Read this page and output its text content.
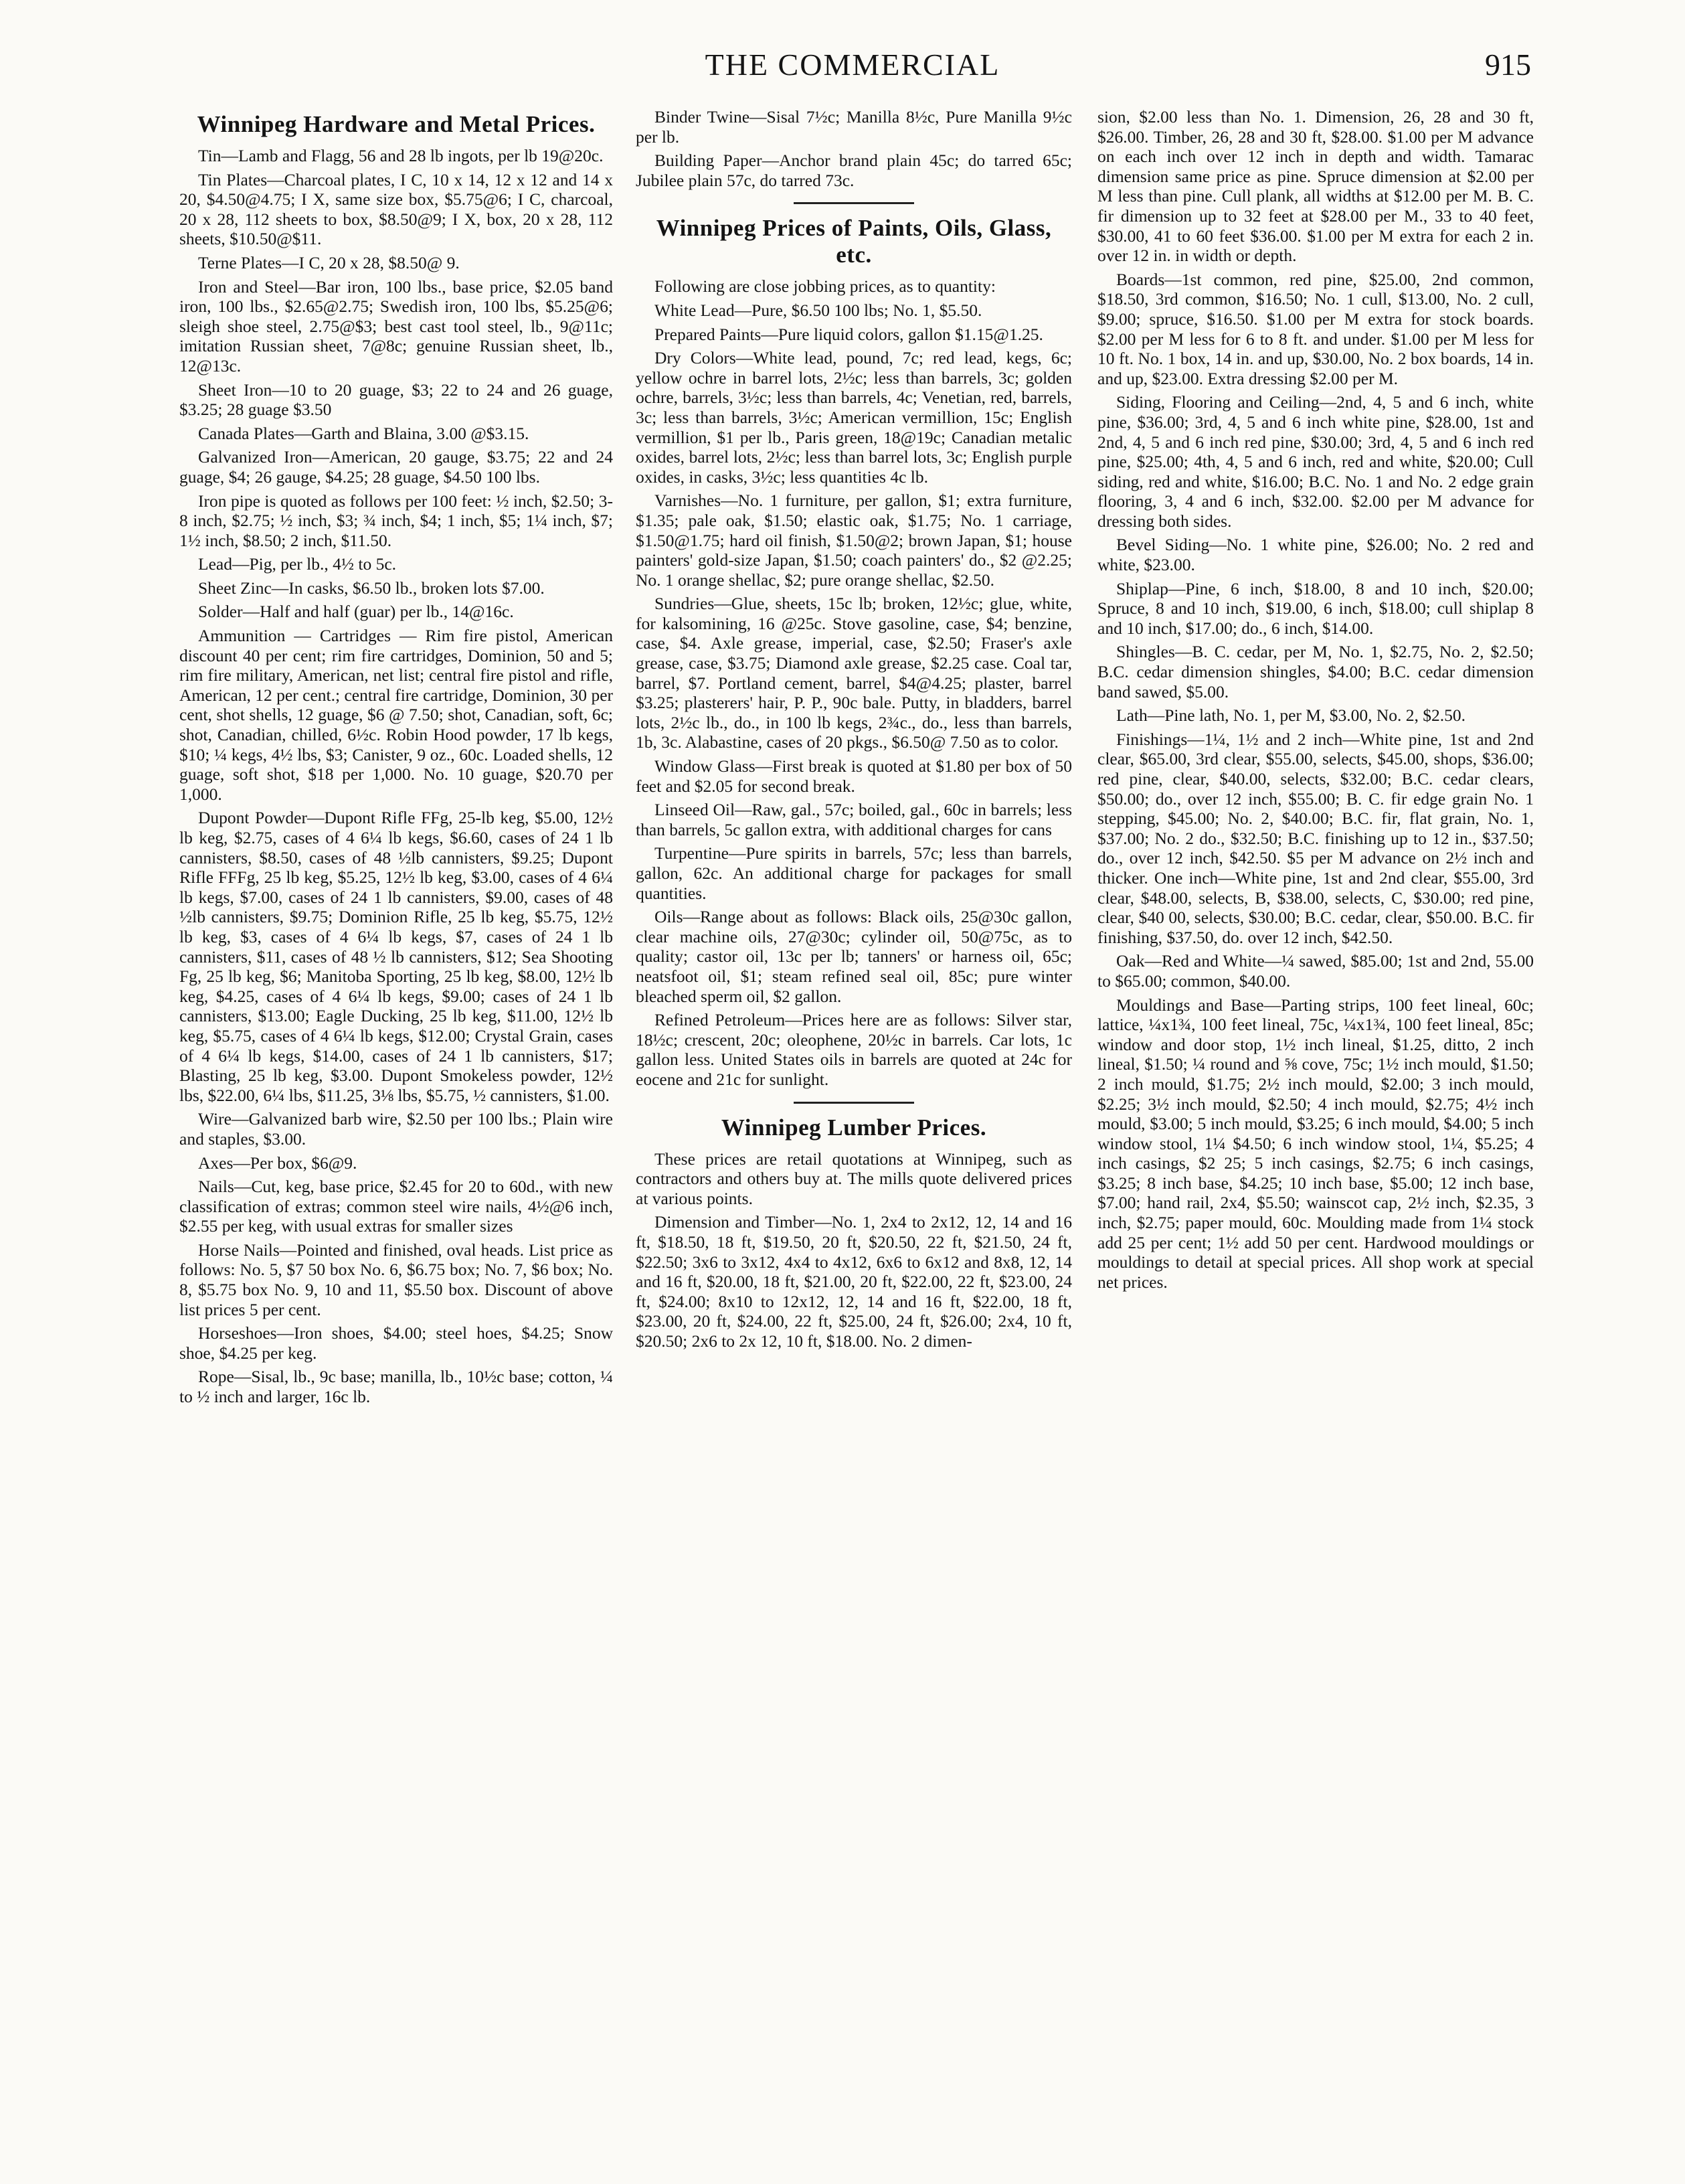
THE COMMERCIAL	915
Winnipeg Hardware and Metal Prices.

Tin—Lamb and Flagg, 56 and 28 lb ingots, per lb 19@20c.

Tin Plates—Charcoal plates, I C, 10 x 14, 12 x 12 and 14 x 20, $4.50@4.75; I X, same size box, $5.75@6; I C, charcoal, 20 x 28, 112 sheets to box, $8.50@9; I X, box, 20 x 28, 112 sheets, $10.50@$11.

Terne Plates—I C, 20 x 28, $8.50@ 9.

Iron and Steel—Bar iron, 100 lbs., base price, $2.05 band iron, 100 lbs., $2.65@2.75; Swedish iron, 100 lbs, $5.25@6; sleigh shoe steel, 2.75@$3; best cast tool steel, lb., 9@11c; imitation Russian sheet, 7@8c; genuine Russian sheet, lb., 12@13c.

Sheet Iron—10 to 20 guage, $3; 22 to 24 and 26 guage, $3.25; 28 guage $3.50

Canada Plates—Garth and Blaina, 3.00 @$3.15.

Galvanized Iron—American, 20 gauge, $3.75; 22 and 24 guage, $4; 26 gauge, $4.25; 28 guage, $4.50 100 lbs.

Iron pipe is quoted as follows per 100 feet: ½ inch, $2.50; 3-8 inch, $2.75; ½ inch, $3; ¾ inch, $4; 1 inch, $5; 1¼ inch, $7; 1½ inch, $8.50; 2 inch, $11.50.

Lead—Pig, per lb., 4½ to 5c.

Sheet Zinc—In casks, $6.50 lb., broken lots $7.00.

Solder—Half and half (guar) per lb., 14@16c.

Ammunition — Cartridges — Rim fire pistol, American discount 40 per cent; rim fire cartridges, Dominion, 50 and 5; rim fire military, American, net list; central fire pistol and rifle, American, 12 per cent.; central fire cartridge, Dominion, 30 per cent, shot shells, 12 guage, $6 @ 7.50; shot, Canadian, soft, 6c; shot, Canadian, chilled, 6½c. Robin Hood powder, 17 lb kegs, $10; ¼ kegs, 4½ lbs, $3; Canister, 9 oz., 60c. Loaded shells, 12 guage, soft shot, $18 per 1,000. No. 10 guage, $20.70 per 1,000.

Dupont Powder—Dupont Rifle FFg, 25-lb keg, $5.00, 12½ lb keg, $2.75, cases of 4 6¼ lb kegs, $6.60, cases of 24 1 lb cannisters, $8.50, cases of 48 ½lb cannisters, $9.25; Dupont Rifle FFFg, 25 lb keg, $5.25, 12½ lb keg, $3.00, cases of 4 6¼ lb kegs, $7.00, cases of 24 1 lb cannisters, $9.00, cases of 48 ½lb cannisters, $9.75; Dominion Rifle, 25 lb keg, $5.75, 12½ lb keg, $3, cases of 4 6¼ lb kegs, $7, cases of 24 1 lb cannisters, $11, cases of 48 ½ lb cannisters, $12; Sea Shooting Fg, 25 lb keg, $6; Manitoba Sporting, 25 lb keg, $8.00, 12½ lb keg, $4.25, cases of 4 6¼ lb kegs, $9.00; cases of 24 1 lb cannisters, $13.00; Eagle Ducking, 25 lb keg, $11.00, 12½ lb keg, $5.75, cases of 4 6¼ lb kegs, $12.00; Crystal Grain, cases of 4 6¼ lb kegs, $14.00, cases of 24 1 lb cannisters, $17; Blasting, 25 lb keg, $3.00. Dupont Smokeless powder, 12½ lbs, $22.00, 6¼ lbs, $11.25, 3⅛ lbs, $5.75, ½ cannisters, $1.00.

Wire—Galvanized barb wire, $2.50 per 100 lbs.; Plain wire and staples, $3.00.

Axes—Per box, $6@9.

Nails—Cut, keg, base price, $2.45 for 20 to 60d., with new classification of extras; common steel wire nails, 4½@6 inch, $2.55 per keg, with usual extras for smaller sizes

Horse Nails—Pointed and finished, oval heads. List price as follows: No. 5, $7 50 box No. 6, $6.75 box; No. 7, $6 box; No. 8, $5.75 box No. 9, 10 and 11, $5.50 box. Discount of above list prices 5 per cent.

Horseshoes—Iron shoes, $4.00; steel hoes, $4.25; Snow shoe, $4.25 per keg.

Rope—Sisal, lb., 9c base; manilla, lb., 10½c base; cotton, ¼ to ½ inch and larger, 16c lb.

Binder Twine—Sisal 7½c; Manilla 8½c, Pure Manilla 9½c per lb.

Building Paper—Anchor brand plain 45c; do tarred 65c; Jubilee plain 57c, do tarred 73c.

Winnipeg Prices of Paints, Oils, Glass, etc.

Following are close jobbing prices, as to quantity:

White Lead—Pure, $6.50 100 lbs; No. 1, $5.50.

Prepared Paints—Pure liquid colors, gallon $1.15@1.25.

Dry Colors—White lead, pound, 7c; red lead, kegs, 6c; yellow ochre in barrel lots, 2½c; less than barrels, 3c; golden ochre, barrels, 3½c; less than barrels, 4c; Venetian, red, barrels, 3c; less than barrels, 3½c; American vermillion, 15c; English vermillion, $1 per lb., Paris green, 18@19c; Canadian metalic oxides, barrel lots, 2½c; less than barrel lots, 3c; English purple oxides, in casks, 3½c; less quantities 4c lb.

Varnishes—No. 1 furniture, per gallon, $1; extra furniture, $1.35; pale oak, $1.50; elastic oak, $1.75; No. 1 carriage, $1.50@1.75; hard oil finish, $1.50@2; brown Japan, $1; house painters' gold-size Japan, $1.50; coach painters' do., $2 @2.25; No. 1 orange shellac, $2; pure orange shellac, $2.50.

Sundries—Glue, sheets, 15c lb; broken, 12½c; glue, white, for kalsomining, 16 @25c. Stove gasoline, case, $4; benzine, case, $4. Axle grease, imperial, case, $2.50; Fraser's axle grease, case, $3.75; Diamond axle grease, $2.25 case. Coal tar, barrel, $7. Portland cement, barrel, $4@4.25; plaster, barrel $3.25; plasterers' hair, P. P., 90c bale. Putty, in bladders, barrel lots, 2½c lb., do., in 100 lb kegs, 2¾c., do., less than barrels, 1b, 3c. Alabastine, cases of 20 pkgs., $6.50@ 7.50 as to color.

Window Glass—First break is quoted at $1.80 per box of 50 feet and $2.05 for second break.

Linseed Oil—Raw, gal., 57c; boiled, gal., 60c in barrels; less than barrels, 5c gallon extra, with additional charges for cans

Turpentine—Pure spirits in barrels, 57c; less than barrels, gallon, 62c. An additional charge for packages for small quantities.

Oils—Range about as follows: Black oils, 25@30c gallon, clear machine oils, 27@30c; cylinder oil, 50@75c, as to quality; castor oil, 13c per lb; tanners' or harness oil, 65c; neatsfoot oil, $1; steam refined seal oil, 85c; pure winter bleached sperm oil, $2 gallon.

Refined Petroleum—Prices here are as follows: Silver star, 18½c; crescent, 20c; oleophene, 20½c in barrels. Car lots, 1c gallon less. United States oils in barrels are quoted at 24c for eocene and 21c for sunlight.

Winnipeg Lumber Prices.

These prices are retail quotations at Winnipeg, such as contractors and others buy at. The mills quote delivered prices at various points.

Dimension and Timber—No. 1, 2x4 to 2x12, 12, 14 and 16 ft, $18.50, 18 ft, $19.50, 20 ft, $20.50, 22 ft, $21.50, 24 ft, $22.50; 3x6 to 3x12, 4x4 to 4x12, 6x6 to 6x12 and 8x8, 12, 14 and 16 ft, $20.00, 18 ft, $21.00, 20 ft, $22.00, 22 ft, $23.00, 24 ft, $24.00; 8x10 to 12x12, 12, 14 and 16 ft, $22.00, 18 ft, $23.00, 20 ft, $24.00, 22 ft, $25.00, 24 ft, $26.00; 2x4, 10 ft, $20.50; 2x6 to 2x 12, 10 ft, $18.00. No. 2 dimen-

sion, $2.00 less than No. 1. Dimension, 26, 28 and 30 ft, $26.00. Timber, 26, 28 and 30 ft, $28.00. $1.00 per M advance on each inch over 12 inch in depth and width. Tamarac dimension same price as pine. Spruce dimension at $2.00 per M less than pine. Cull plank, all widths at $12.00 per M. B. C. fir dimension up to 32 feet at $28.00 per M., 33 to 40 feet, $30.00, 41 to 60 feet $36.00. $1.00 per M extra for each 2 in. over 12 in. in width or depth.

Boards—1st common, red pine, $25.00, 2nd common, $18.50, 3rd common, $16.50; No. 1 cull, $13.00, No. 2 cull, $9.00; spruce, $16.50. $1.00 per M extra for stock boards. $2.00 per M less for 6 to 8 ft. and under. $1.00 per M less for 10 ft. No. 1 box, 14 in. and up, $30.00, No. 2 box boards, 14 in. and up, $23.00. Extra dressing $2.00 per M.

Siding, Flooring and Ceiling—2nd, 4, 5 and 6 inch, white pine, $36.00; 3rd, 4, 5 and 6 inch white pine, $28.00, 1st and 2nd, 4, 5 and 6 inch red pine, $30.00; 3rd, 4, 5 and 6 inch red pine, $25.00; 4th, 4, 5 and 6 inch, red and white, $20.00; Cull siding, red and white, $16.00; B.C. No. 1 and No. 2 edge grain flooring, 3, 4 and 6 inch, $32.00. $2.00 per M advance for dressing both sides.

Bevel Siding—No. 1 white pine, $26.00; No. 2 red and white, $23.00.

Shiplap—Pine, 6 inch, $18.00, 8 and 10 inch, $20.00; Spruce, 8 and 10 inch, $19.00, 6 inch, $18.00; cull shiplap 8 and 10 inch, $17.00; do., 6 inch, $14.00.

Shingles—B. C. cedar, per M, No. 1, $2.75, No. 2, $2.50; B.C. cedar dimension shingles, $4.00; B.C. cedar dimension band sawed, $5.00.

Lath—Pine lath, No. 1, per M, $3.00, No. 2, $2.50.

Finishings—1¼, 1½ and 2 inch—White pine, 1st and 2nd clear, $65.00, 3rd clear, $55.00, selects, $45.00, shops, $36.00; red pine, clear, $40.00, selects, $32.00; B.C. cedar clears, $50.00; do., over 12 inch, $55.00; B. C. fir edge grain No. 1 stepping, $45.00; No. 2, $40.00; B.C. fir, flat grain, No. 1, $37.00; No. 2 do., $32.50; B.C. finishing up to 12 in., $37.50; do., over 12 inch, $42.50. $5 per M advance on 2½ inch and thicker. One inch—White pine, 1st and 2nd clear, $55.00, 3rd clear, $48.00, selects, B, $38.00, selects, C, $30.00; red pine, clear, $40 00, selects, $30.00; B.C. cedar, clear, $50.00. B.C. fir finishing, $37.50, do. over 12 inch, $42.50.

Oak—Red and White—¼ sawed, $85.00; 1st and 2nd, 55.00 to $65.00; common, $40.00.

Mouldings and Base—Parting strips, 100 feet lineal, 60c; lattice, ¼x1¾, 100 feet lineal, 75c, ¼x1¾, 100 feet lineal, 85c; window and door stop, 1½ inch lineal, $1.25, ditto, 2 inch lineal, $1.50; ¼ round and ⅝ cove, 75c; 1½ inch mould, $1.50; 2 inch mould, $1.75; 2½ inch mould, $2.00; 3 inch mould, $2.25; 3½ inch mould, $2.50; 4 inch mould, $2.75; 4½ inch mould, $3.00; 5 inch mould, $3.25; 6 inch mould, $4.00; 5 inch window stool, 1¼ $4.50; 6 inch window stool, 1¼, $5.25; 4 inch casings, $2 25; 5 inch casings, $2.75; 6 inch casings, $3.25; 8 inch base, $4.25; 10 inch base, $5.00; 12 inch base, $7.00; hand rail, 2x4, $5.50; wainscot cap, 2½ inch, $2.35, 3 inch, $2.75; paper mould, 60c. Moulding made from 1¼ stock add 25 per cent; 1½ add 50 per cent. Hardwood mouldings or mouldings to detail at special prices. All shop work at special net prices.
